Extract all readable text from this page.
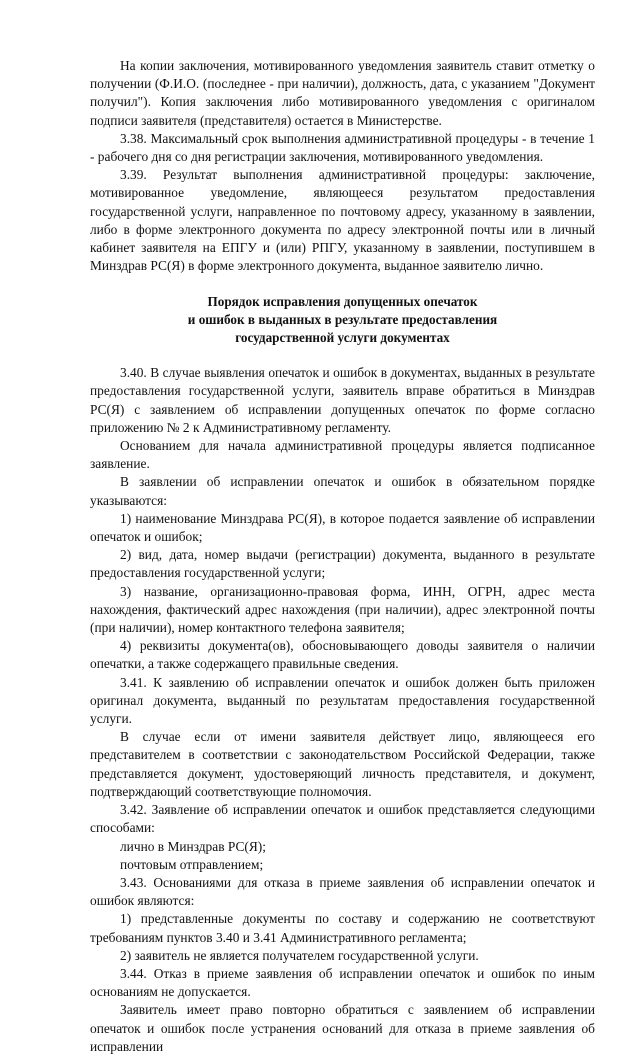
На копии заключения, мотивированного уведомления заявитель ставит отметку о получении (Ф.И.О. (последнее - при наличии), должность, дата, с указанием "Документ получил"). Копия заключения либо мотивированного уведомления с оригиналом подписи заявителя (представителя) остается в Министерстве.

3.38. Максимальный срок выполнения административной процедуры - в течение 1 - рабочего дня со дня регистрации заключения, мотивированного уведомления.

3.39. Результат выполнения административной процедуры: заключение, мотивированное уведомление, являющееся результатом предоставления государственной услуги, направленное по почтовому адресу, указанному в заявлении, либо в форме электронного документа по адресу электронной почты или в личный кабинет заявителя на ЕПГУ и (или) РПГУ, указанному в заявлении, поступившем в Минздрав РС(Я) в форме электронного документа, выданное заявителю лично.

Порядок исправления допущенных опечаток
и ошибок в выданных в результате предоставления
государственной услуги документах

3.40. В случае выявления опечаток и ошибок в документах, выданных в результате предоставления государственной услуги, заявитель вправе обратиться в Минздрав РС(Я) с заявлением об исправлении допущенных опечаток по форме согласно приложению № 2 к Административному регламенту.

Основанием для начала административной процедуры является подписанное заявление.

В заявлении об исправлении опечаток и ошибок в обязательном порядке указываются:

1) наименование Минздрава РС(Я), в которое подается заявление об исправлении опечаток и ошибок;

2) вид, дата, номер выдачи (регистрации) документа, выданного в результате предоставления государственной услуги;

3) название, организационно-правовая форма, ИНН, ОГРН, адрес места нахождения, фактический адрес нахождения (при наличии), адрес электронной почты (при наличии), номер контактного телефона заявителя;

4) реквизиты документа(ов), обосновывающего доводы заявителя о наличии опечатки, а также содержащего правильные сведения.

3.41. К заявлению об исправлении опечаток и ошибок должен быть приложен оригинал документа, выданный по результатам предоставления государственной услуги.

В случае если от имени заявителя действует лицо, являющееся его представителем в соответствии с законодательством Российской Федерации, также представляется документ, удостоверяющий личность представителя, и документ, подтверждающий соответствующие полномочия.

3.42. Заявление об исправлении опечаток и ошибок представляется следующими способами:

лично в Минздрав РС(Я);

почтовым отправлением;

3.43. Основаниями для отказа в приеме заявления об исправлении опечаток и ошибок являются:

1) представленные документы по составу и содержанию не соответствуют требованиям пунктов 3.40 и 3.41 Административного регламента;

2) заявитель не является получателем государственной услуги.

3.44. Отказ в приеме заявления об исправлении опечаток и ошибок по иным основаниям не допускается.

Заявитель имеет право повторно обратиться с заявлением об исправлении опечаток и ошибок после устранения оснований для отказа в приеме заявления об исправлении
